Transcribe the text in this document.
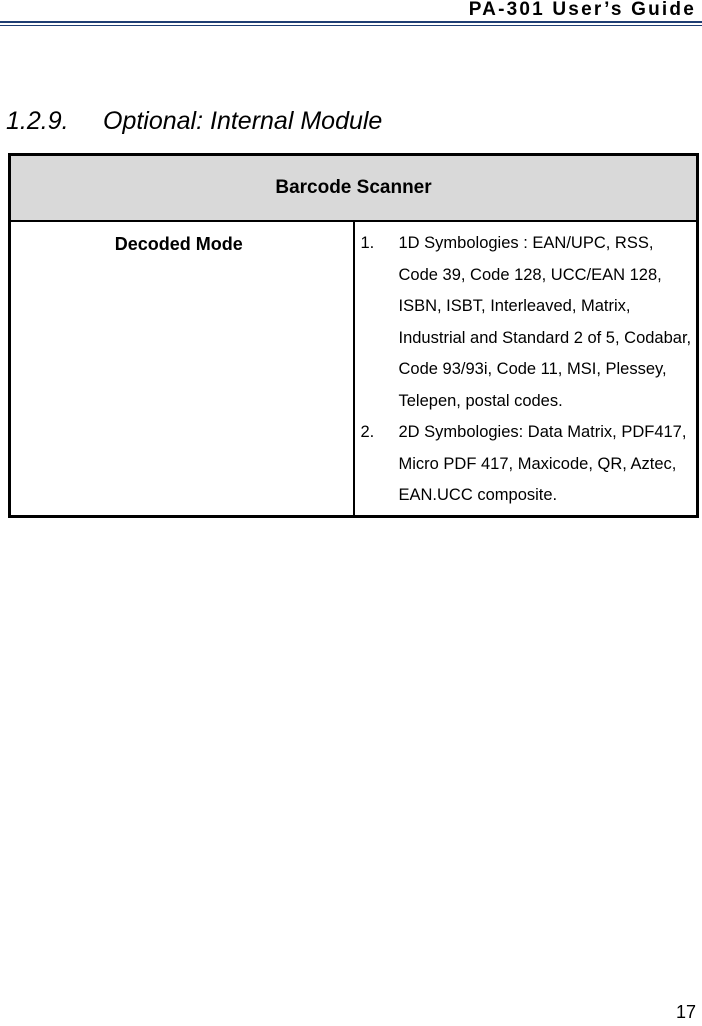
PA-301 User’s Guide
1.2.9. Optional: Internal Module
Barcode Scanner
Decoded Mode	1. 1D Symbologies : EAN/UPC, RSS, Code 39, Code 128, UCC/EAN 128, ISBN, ISBT, Interleaved, Matrix, Industrial and Standard 2 of 5, Codabar, Code 93/93i, Code 11, MSI, Plessey, Telepen, postal codes.
2. 2D Symbologies: Data Matrix, PDF417, Micro PDF 417, Maxicode, QR, Aztec, EAN.UCC composite.
17
